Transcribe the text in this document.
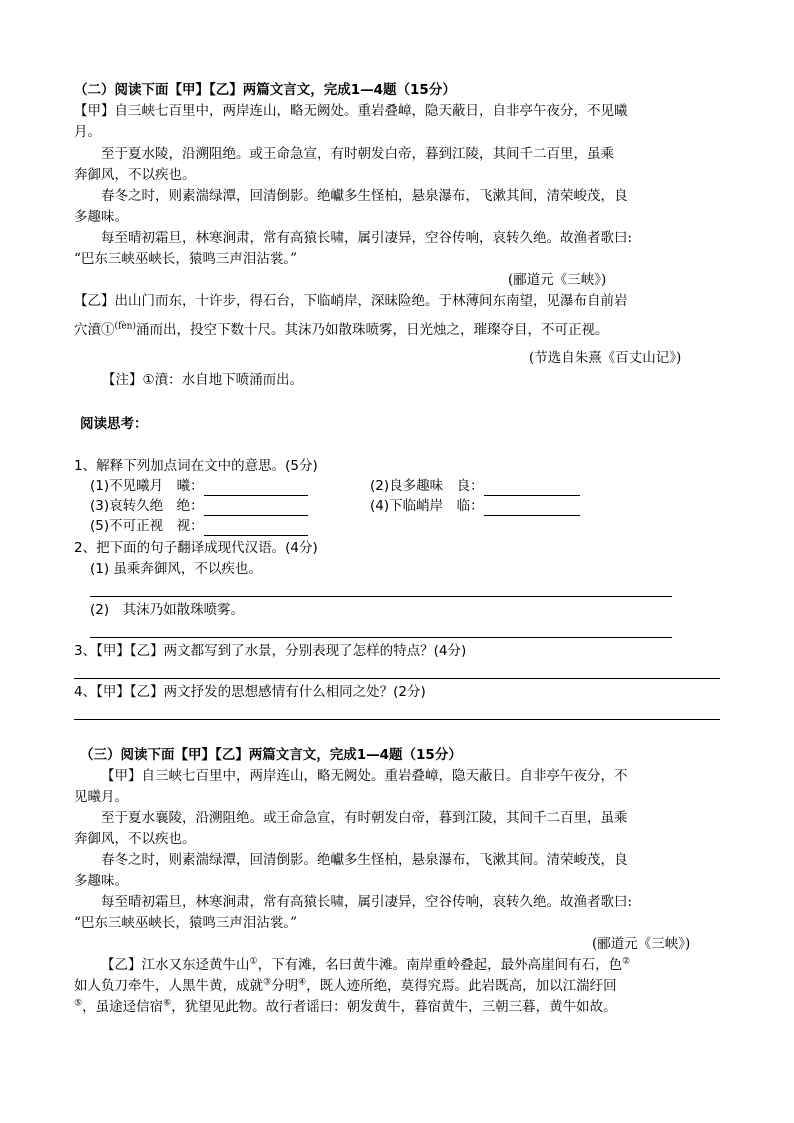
（二）阅读下面【甲】【乙】两篇文言文，完成1—4题（15分）
【甲】自三峡七百里中，两岸连山，略无阙处。重岩叠嶂，隐天蔽日，自非亭午夜分，不见曦
月。
至于夏水陵，沿溯阻绝。或王命急宣，有时朝发白帝，暮到江陵，其间千二百里，虽乘
奔御风，不以疾也。
春冬之时，则素湍绿潭，回清倒影。绝巘多生怪柏，悬泉瀑布，飞漱其间，清荣峻茂，良
多趣味。
每至晴初霜旦，林寒涧肃，常有高猿长啸，属引凄异，空谷传响，哀转久绝。故渔者歌曰:
“巴东三峡巫峡长，猿鸣三声泪沾裳。”
(郦道元《三峡》)
【乙】出山门而东，十许步，得石台，下临峭岸，深昧险绝。于林薄间东南望，见瀑布自前岩
穴濆①$^{(fèn)}$涌而出，投空下数十尺。其沫乃如散珠喷雾，日光烛之，璀璨夺目，不可正视。
(节选自朱熹《百丈山记》)
【注】①濆：水自地下喷涌而出。
阅读思考：
1、解释下列加点词在文中的意思。(5分)
(1)不见曦月　曦：	(2)良多趣味　良：
(3)哀转久绝　绝：	(4)下临峭岸　临：
(5)不可正视　视：
2、把下面的句子翻译成现代汉语。(4分)
(1) 虽乘奔御风，不以疾也。
(2)　其沫乃如散珠喷雾。
3、【甲】【乙】两文都写到了水景，分别表现了怎样的特点？(4分)
4、【甲】【乙】两文抒发的思想感情有什么相同之处？(2分)
（三）阅读下面【甲】【乙】两篇文言文，完成1—4题（15分）
【甲】自三峡七百里中，两岸连山，略无阙处。重岩叠嶂，隐天蔽日。自非亭午夜分，不
见曦月。
至于夏水襄陵，沿溯阻绝。或王命急宣，有时朝发白帝，暮到江陵，其间千二百里，虽乘
奔御风，不以疾也。
春冬之时，则素湍绿潭，回清倒影。绝巘多生怪柏，悬泉瀑布，飞漱其间。清荣峻茂，良
多趣味。
每至晴初霜旦，林寒涧肃，常有高猿长啸，属引凄异，空谷传响，哀转久绝。故渔者歌曰:
“巴东三峡巫峡长，猿鸣三声泪沾裳。”
(郦道元《三峡》)
【乙】江水又东迳黄牛山①，下有滩，名曰黄牛滩。南岸重岭叠起，最外高崖间有石，色②
如人负刀牵牛，人黑牛黄，成就③分明④，既人迹所绝，莫得究焉。此岩既高，加以江湍纡回
⑤，虽途迳信宿⑥，犹望见此物。故行者谣曰：朝发黄牛，暮宿黄牛，三朝三暮，黄牛如故。
